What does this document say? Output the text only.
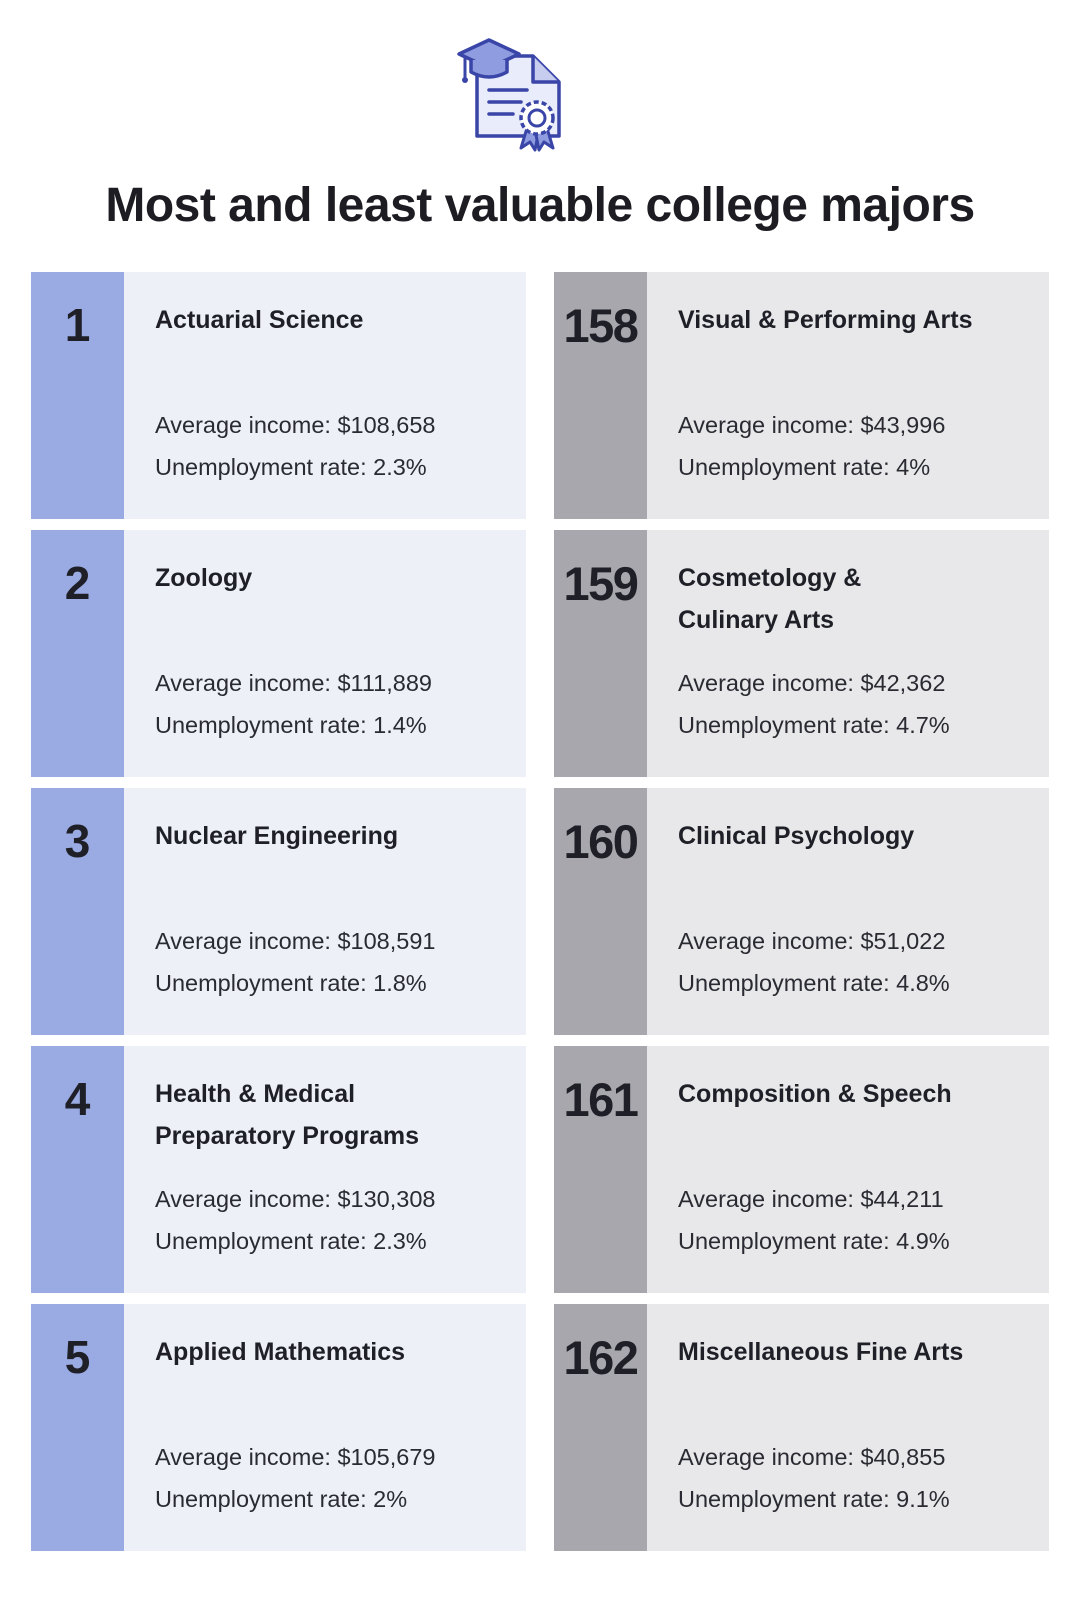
Most and least valuable college majors
1	Actuarial Science
Average income: $108,658
Unemployment rate: 2.3%
2	Zoology
Average income: $111,889
Unemployment rate: 1.4%
3	Nuclear Engineering
Average income: $108,591
Unemployment rate: 1.8%
4	Health & Medical
Preparatory Programs
Average income: $130,308
Unemployment rate: 2.3%
5	Applied Mathematics
Average income: $105,679
Unemployment rate: 2%
158	Visual & Performing Arts
Average income: $43,996
Unemployment rate: 4%
159	Cosmetology &
Culinary Arts
Average income: $42,362
Unemployment rate: 4.7%
160	Clinical Psychology
Average income: $51,022
Unemployment rate: 4.8%
161	Composition & Speech
Average income: $44,211
Unemployment rate: 4.9%
162	Miscellaneous Fine Arts
Average income: $40,855
Unemployment rate: 9.1%
